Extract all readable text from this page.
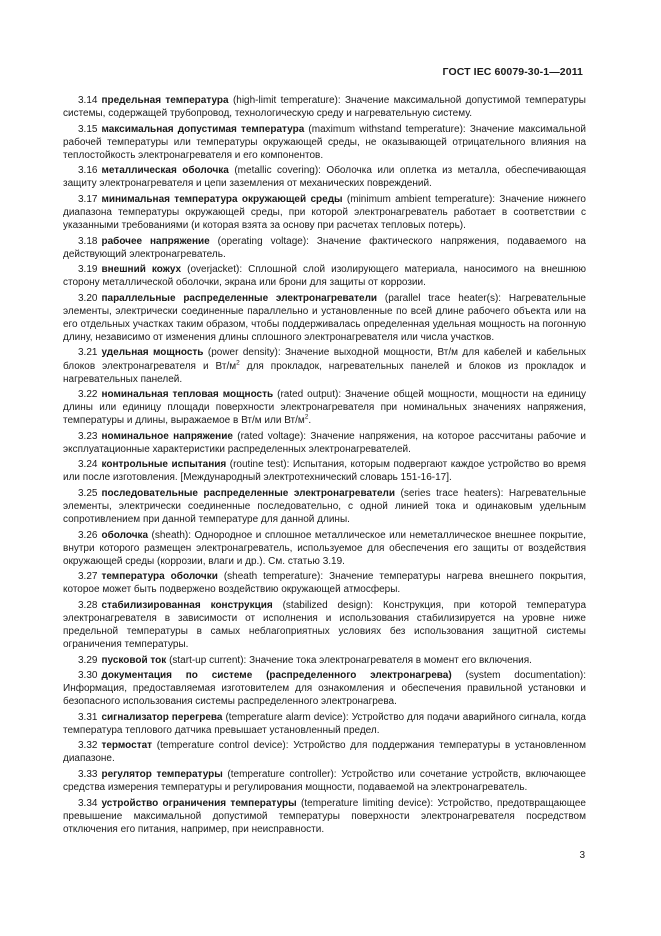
ГОСТ IEC 60079-30-1—2011

3.14 предельная температура (high-limit temperature): Значение максимальной допустимой температуры системы, содержащей трубопровод, технологическую среду и нагревательную систему.

3.15 максимальная допустимая температура (maximum withstand temperature): Значение максимальной рабочей температуры или температуры окружающей среды, не оказывающей отрицательного влияния на теплостойкость электронагревателя и его компонентов.

3.16 металлическая оболочка (metallic covering): Оболочка или оплетка из металла, обеспечивающая защиту электронагревателя и цепи заземления от механических повреждений.

3.17 минимальная температура окружающей среды (minimum ambient temperature): Значение нижнего диапазона температуры окружающей среды, при которой электронагреватель работает в соответствии с указанными требованиями (и которая взята за основу при расчетах тепловых потерь).

3.18 рабочее напряжение (operating voltage): Значение фактического напряжения, подаваемого на действующий электронагреватель.

3.19 внешний кожух (overjacket): Сплошной слой изолирующего материала, наносимого на внешнюю сторону металлической оболочки, экрана или брони для защиты от коррозии.

3.20 параллельные распределенные электронагреватели (parallel trace heater(s): Нагревательные элементы, электрически соединенные параллельно и установленные по всей длине рабочего объекта или на его отдельных участках таким образом, чтобы поддерживалась определенная удельная мощность на погонную длину, независимо от изменения длины сплошного электронагревателя или числа участков.

3.21 удельная мощность (power density): Значение выходной мощности, Вт/м для кабелей и кабельных блоков электронагревателя и $Вт/м^2$ для прокладок, нагревательных панелей и блоков из прокладок и нагревательных панелей.

3.22 номинальная тепловая мощность (rated output): Значение общей мощности, мощности на единицу длины или единицу площади поверхности электронагревателя при номинальных значениях напряжения, температуры и длины, выражаемое в Вт/м или $Вт/м^2$.

3.23 номинальное напряжение (rated voltage): Значение напряжения, на которое рассчитаны рабочие и эксплуатационные характеристики распределенных электронагревателей.

3.24 контрольные испытания (routine test): Испытания, которым подвергают каждое устройство во время или после изготовления. [Международный электротехнический словарь 151-16-17].

3.25 последовательные распределенные электронагреватели (series trace heaters): Нагревательные элементы, электрически соединенные последовательно, с одной линией тока и одинаковым удельным сопротивлением при данной температуре для данной длины.

3.26 оболочка (sheath): Однородное и сплошное металлическое или неметаллическое внешнее покрытие, внутри которого размещен электронагреватель, используемое для обеспечения его защиты от воздействия окружающей среды (коррозии, влаги и др.). См. статью 3.19.

3.27 температура оболочки (sheath temperature): Значение температуры нагрева внешнего покрытия, которое может быть подвержено воздействию окружающей атмосферы.

3.28 стабилизированная конструкция (stabilized design): Конструкция, при которой температура электронагревателя в зависимости от исполнения и использования стабилизируется на уровне ниже предельной температуры в самых неблагоприятных условиях без использования защитной системы ограничения температуры.

3.29 пусковой ток (start-up current): Значение тока электронагревателя в момент его включения.

3.30 документация по системе (распределенного электронагрева) (system documentation): Информация, предоставляемая изготовителем для ознакомления и обеспечения правильной установки и безопасного использования системы распределенного электронагрева.

3.31 сигнализатор перегрева (temperature alarm device): Устройство для подачи аварийного сигнала, когда температура теплового датчика превышает установленный предел.

3.32 термостат (temperature control device): Устройство для поддержания температуры в установленном диапазоне.

3.33 регулятор температуры (temperature controller): Устройство или сочетание устройств, включающее средства измерения температуры и регулирования мощности, подаваемой на электронагреватель.

3.34 устройство ограничения температуры (temperature limiting device): Устройство, предотвращающее превышение максимальной допустимой температуры поверхности электронагревателя посредством отключения его питания, например, при неисправности.

3
